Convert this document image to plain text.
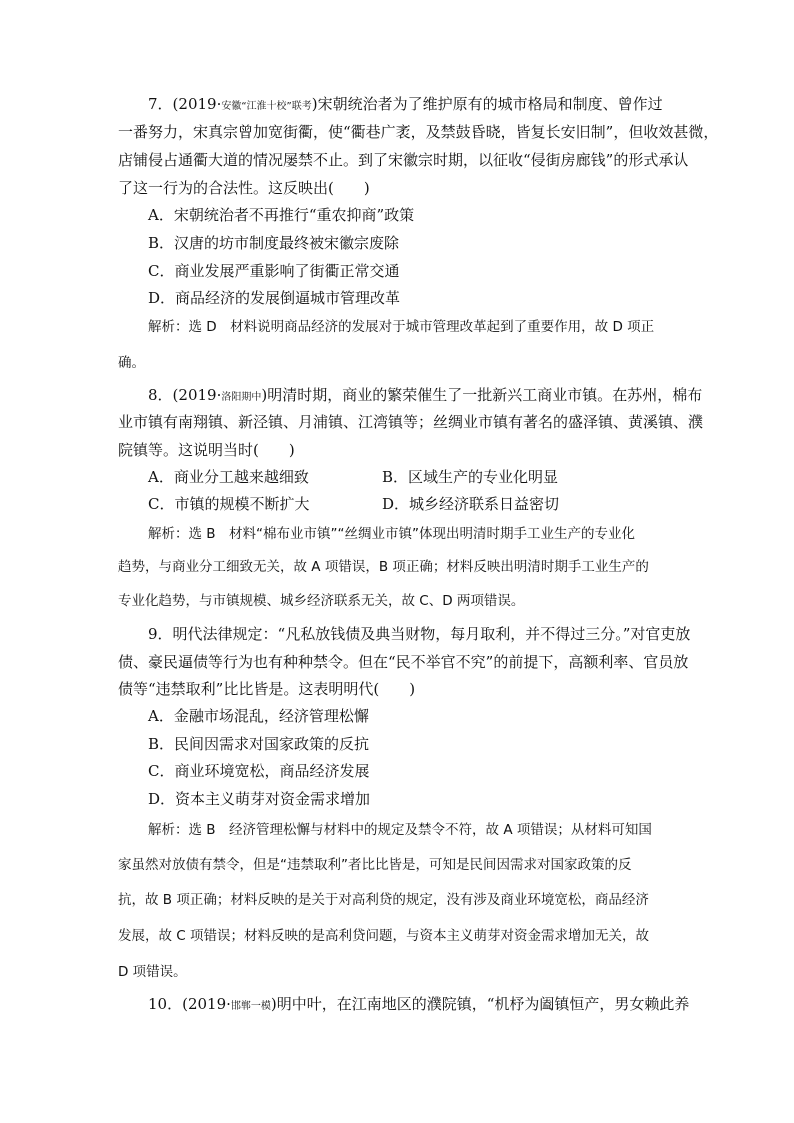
7．(2019·安徽“江淮十校”联考)宋朝统治者为了维护原有的城市格局和制度、曾作过
一番努力，宋真宗曾加宽街衢，使“衢巷广袤，及禁鼓昏晓，皆复长安旧制”，但收效甚微，
店铺侵占通衢大道的情况屡禁不止。到了宋徽宗时期，以征收“侵街房廊钱”的形式承认
了这一行为的合法性。这反映出(　　)
A．宋朝统治者不再推行“重农抑商”政策
B．汉唐的坊市制度最终被宋徽宗废除
C．商业发展严重影响了街衢正常交通
D．商品经济的发展倒逼城市管理改革
解析：选 D　材料说明商品经济的发展对于城市管理改革起到了重要作用，故 D 项正
确。
8．(2019·洛阳期中)明清时期，商业的繁荣催生了一批新兴工商业市镇。在苏州，棉布
业市镇有南翔镇、新泾镇、月浦镇、江湾镇等；丝绸业市镇有著名的盛泽镇、黄溪镇、濮
院镇等。这说明当时(　　)
A．商业分工越来越细致	B．区域生产的专业化明显
C．市镇的规模不断扩大	D．城乡经济联系日益密切
解析：选 B　材料“棉布业市镇”“丝绸业市镇”体现出明清时期手工业生产的专业化
趋势，与商业分工细致无关，故 A 项错误，B 项正确；材料反映出明清时期手工业生产的
专业化趋势，与市镇规模、城乡经济联系无关，故 C、D 两项错误。
9．明代法律规定：“凡私放钱债及典当财物，每月取利，并不得过三分。”对官吏放
债、豪民逼债等行为也有种种禁令。但在“民不举官不究”的前提下，高额利率、官员放
债等“违禁取利”比比皆是。这表明明代(　　)
A．金融市场混乱，经济管理松懈
B．民间因需求对国家政策的反抗
C．商业环境宽松，商品经济发展
D．资本主义萌芽对资金需求增加
解析：选 B　经济管理松懈与材料中的规定及禁令不符，故 A 项错误；从材料可知国
家虽然对放债有禁令，但是“违禁取利”者比比皆是，可知是民间因需求对国家政策的反
抗，故 B 项正确；材料反映的是关于对高利贷的规定，没有涉及商业环境宽松，商品经济
发展，故 C 项错误；材料反映的是高利贷问题，与资本主义萌芽对资金需求增加无关，故
D 项错误。
10．(2019·邯郸一模)明中叶，在江南地区的濮院镇，“机杼为阖镇恒产，男女赖此养
